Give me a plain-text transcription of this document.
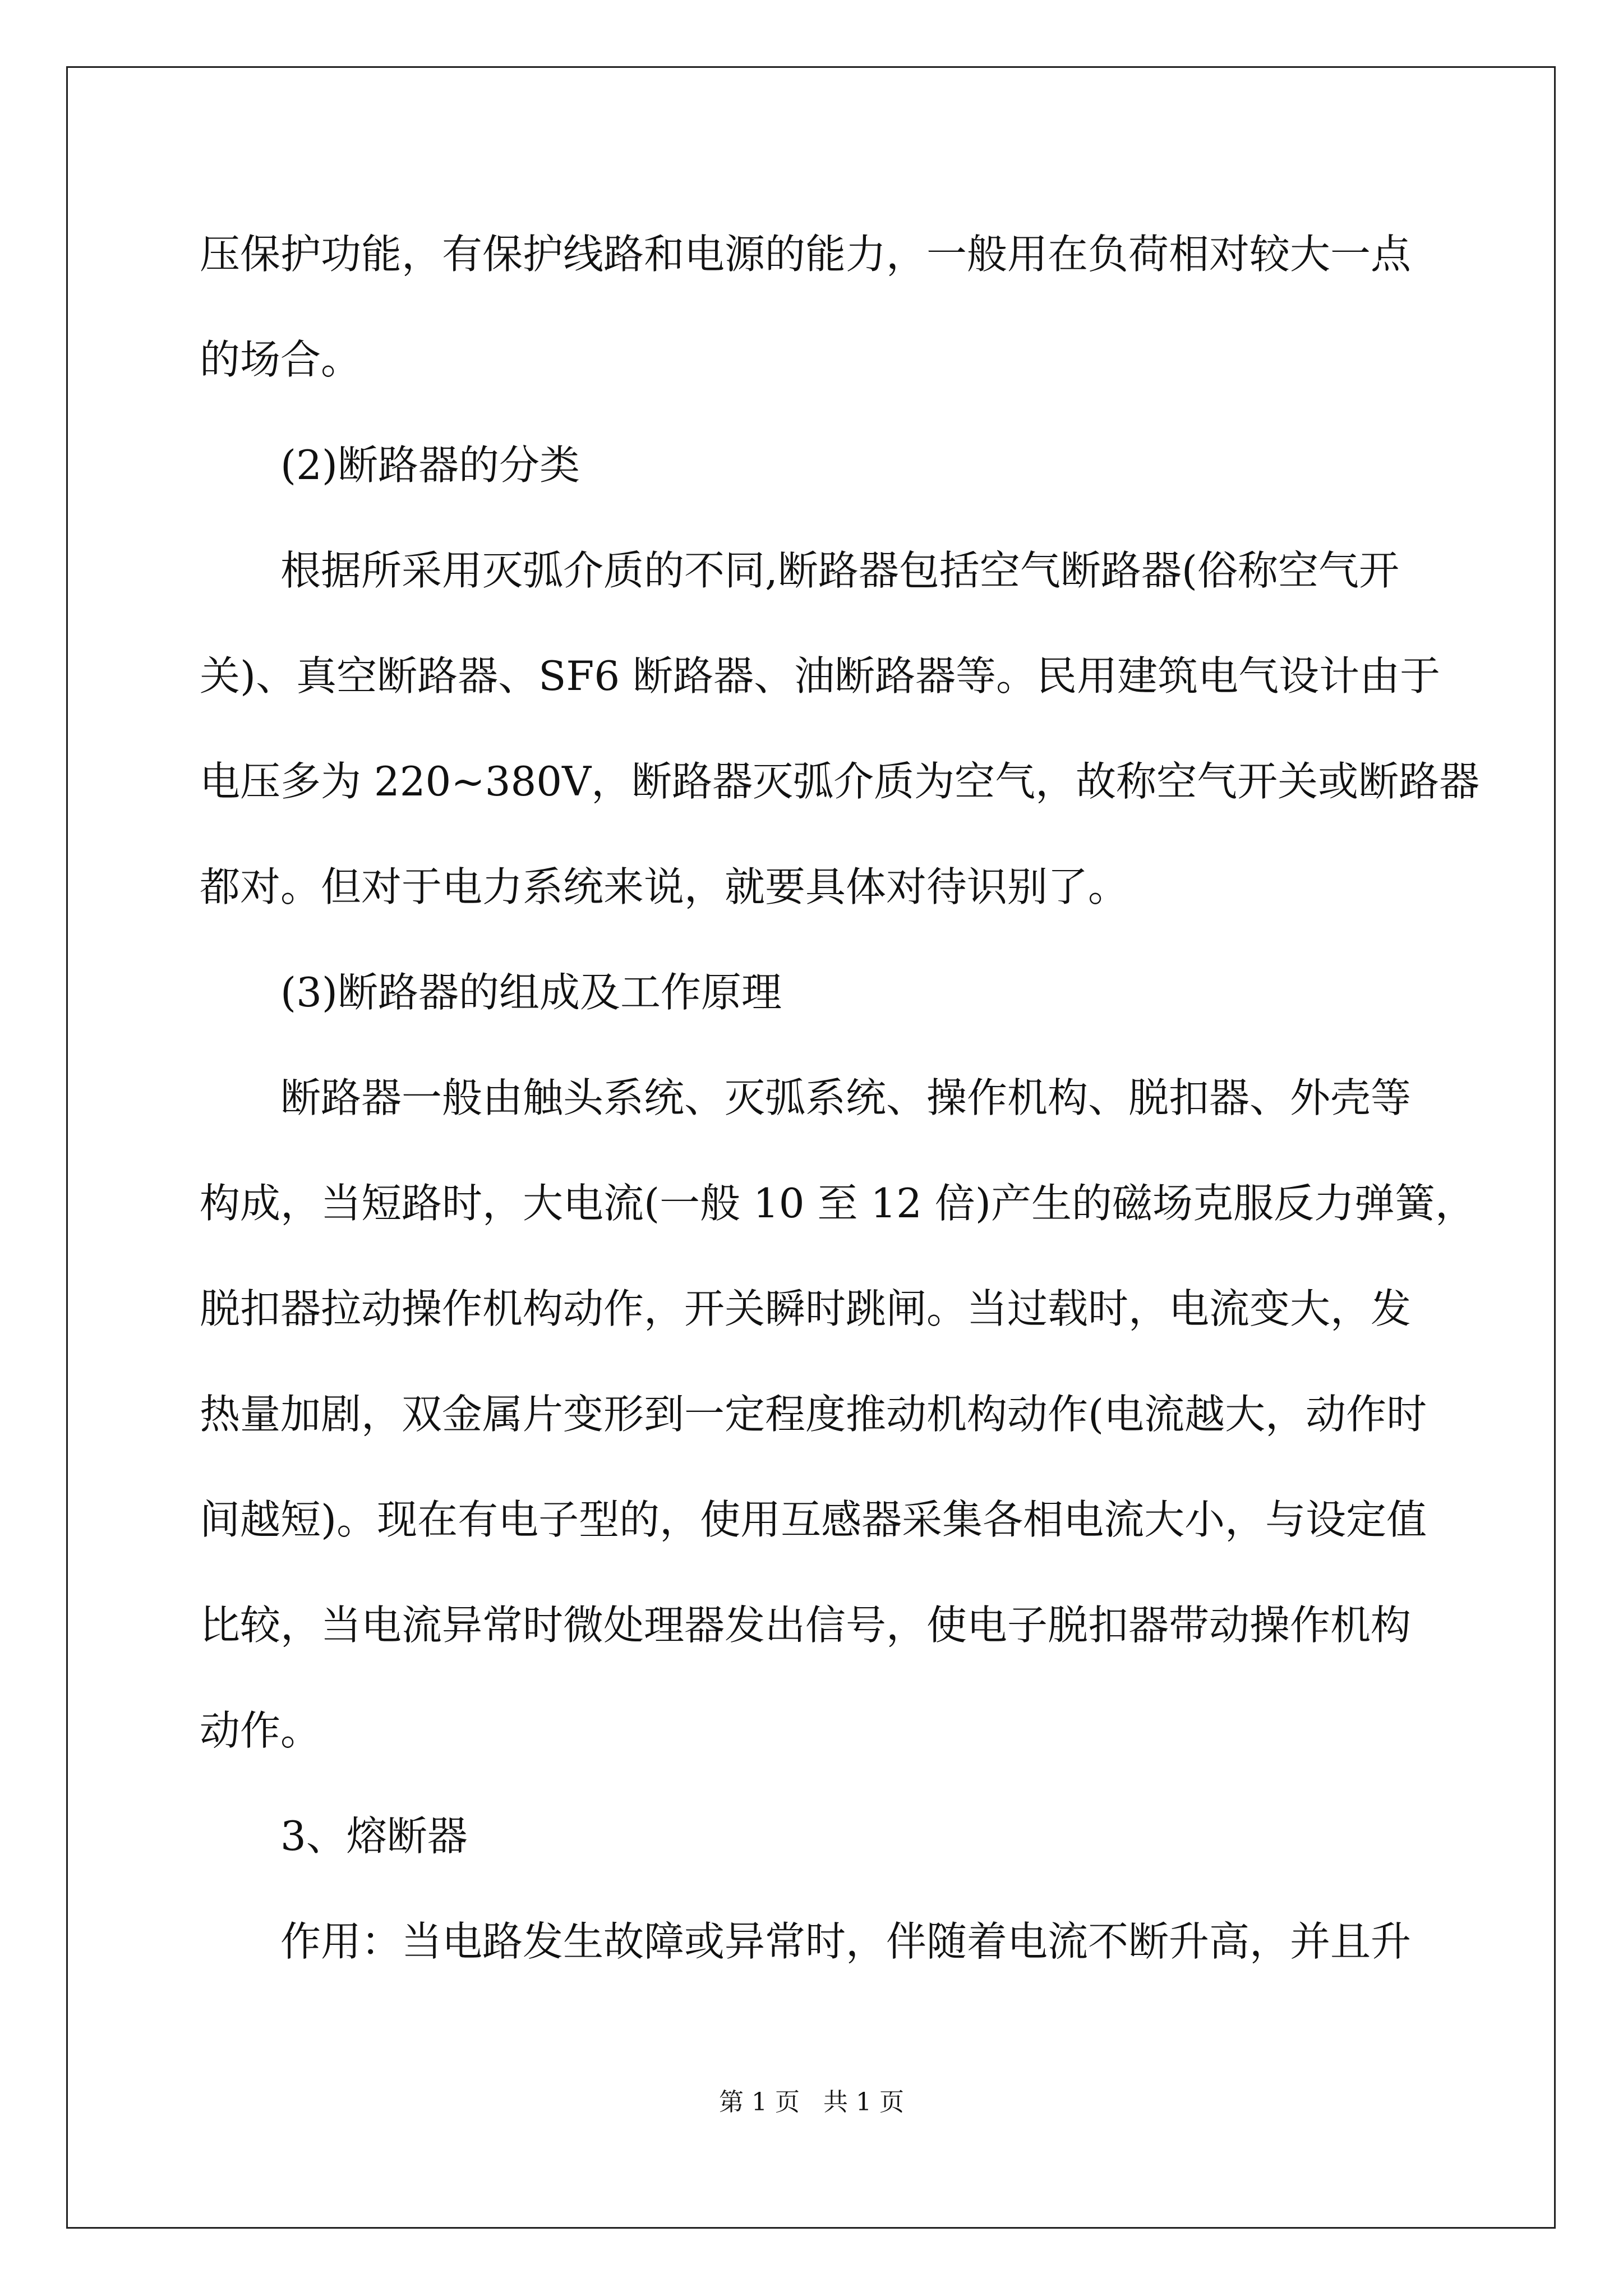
压保护功能，有保护线路和电源的能力，一般用在负荷相对较大一点
的场合。
(2)断路器的分类
根据所采用灭弧介质的不同,断路器包括空气断路器(俗称空气开
关)、真空断路器、SF6 断路器、油断路器等。民用建筑电气设计由于
电压多为 220~380V，断路器灭弧介质为空气，故称空气开关或断路器
都对。但对于电力系统来说，就要具体对待识别了。
(3)断路器的组成及工作原理
断路器一般由触头系统、灭弧系统、操作机构、脱扣器、外壳等
构成，当短路时，大电流(一般 10 至 12 倍)产生的磁场克服反力弹簧，
脱扣器拉动操作机构动作，开关瞬时跳闸。当过载时，电流变大，发
热量加剧，双金属片变形到一定程度推动机构动作(电流越大，动作时
间越短)。现在有电子型的，使用互感器采集各相电流大小，与设定值
比较，当电流异常时微处理器发出信号，使电子脱扣器带动操作机构
动作。
3、熔断器
作用：当电路发生故障或异常时，伴随着电流不断升高，并且升
第 1 页   共 1 页
